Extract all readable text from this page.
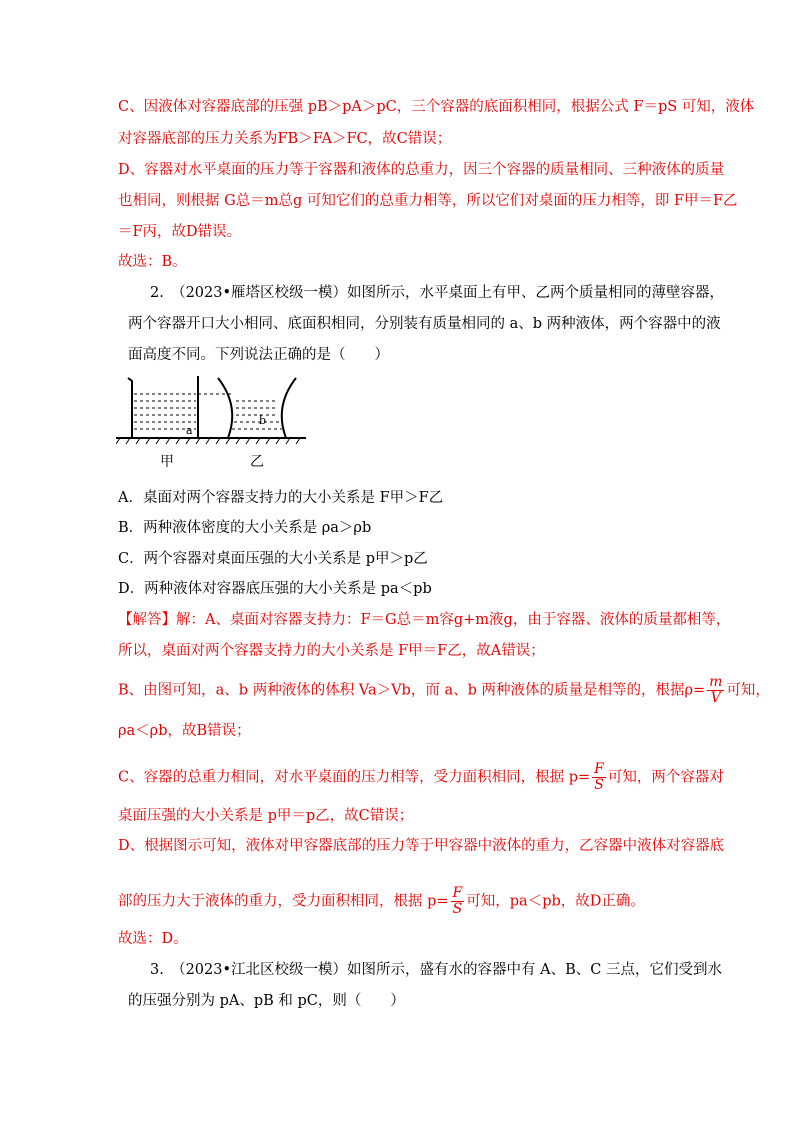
C、因液体对容器底部的压强 pB＞pA＞pC，三个容器的底面积相同，根据公式 F＝pS 可知，液体
对容器底部的压力关系为FB＞FA＞FC，故C错误；
D、容器对水平桌面的压力等于容器和液体的总重力，因三个容器的质量相同、三种液体的质量
也相同，则根据 G总＝m总g 可知它们的总重力相等，所以它们对桌面的压力相等，即 F甲＝F乙
＝F丙，故D错误。
故选：B。
2.　（2023•雁塔区校级一模）如图所示，水平桌面上有甲、乙两个质量相同的薄壁容器，
两个容器开口大小相同、底面积相同，分别装有质量相同的 a、b 两种液体，两个容器中的液
面高度不同。下列说法正确的是（　　）
a
b
甲	乙
A．桌面对两个容器支持力的大小关系是 F甲＞F乙
B．两种液体密度的大小关系是 ρa＞ρb
C．两个容器对桌面压强的大小关系是 p甲＞p乙
D．两种液体对容器底压强的大小关系是 pa＜pb
【解答】解：A、桌面对容器支持力：F＝G总＝m容g+m液g，由于容器、液体的质量都相等，
所以，桌面对两个容器支持力的大小关系是 F甲＝F乙，故A错误；
B、由图可知，a、b 两种液体的体积 Va＞Vb，而 a、b 两种液体的质量是相等的，根据$\rho= \frac{m}{V}$ 可知，
ρa＜ρb，故B错误；
C、容器的总重力相同，对水平桌面的压力相等，受力面积相同，根据 $p= \frac{F}{S}$ 可知，两个容器对
桌面压强的大小关系是 p甲＝p乙，故C错误；
D、根据图示可知，液体对甲容器底部的压力等于甲容器中液体的重力，乙容器中液体对容器底
部的压力大于液体的重力，受力面积相同，根据 $p= \frac{F}{S}$ 可知，pa＜pb，故D正确。
故选：D。
3.　（2023•江北区校级一模）如图所示，盛有水的容器中有 A、B、C 三点，它们受到水
的压强分别为 pA、pB 和 pC，则（　　）
